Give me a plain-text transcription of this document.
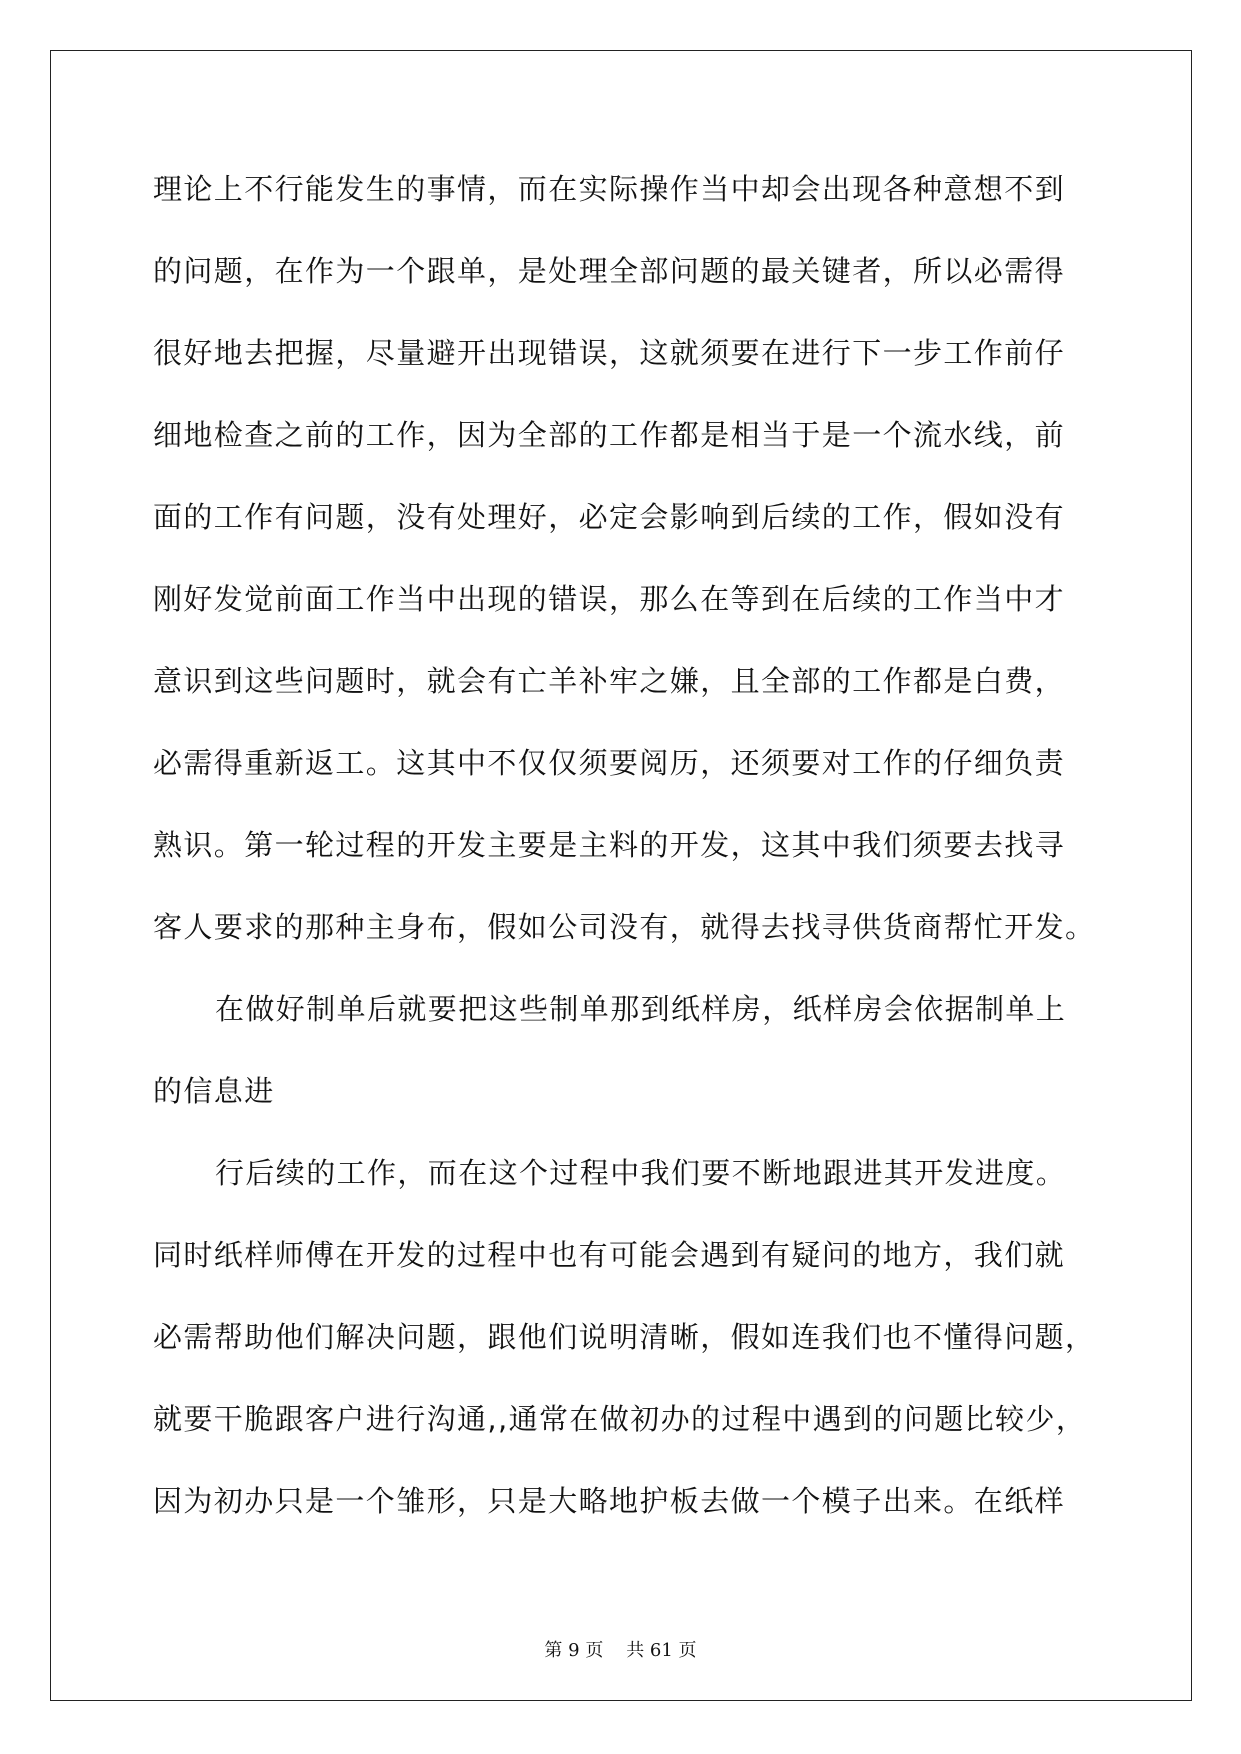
理论上不行能发生的事情，而在实际操作当中却会出现各种意想不到
的问题，在作为一个跟单，是处理全部问题的最关键者，所以必需得
很好地去把握，尽量避开出现错误，这就须要在进行下一步工作前仔
细地检查之前的工作，因为全部的工作都是相当于是一个流水线，前
面的工作有问题，没有处理好，必定会影响到后续的工作，假如没有
刚好发觉前面工作当中出现的错误，那么在等到在后续的工作当中才
意识到这些问题时，就会有亡羊补牢之嫌，且全部的工作都是白费，
必需得重新返工。这其中不仅仅须要阅历，还须要对工作的仔细负责
熟识。第一轮过程的开发主要是主料的开发，这其中我们须要去找寻
客人要求的那种主身布，假如公司没有，就得去找寻供货商帮忙开发。
在做好制单后就要把这些制单那到纸样房，纸样房会依据制单上
的信息进
行后续的工作，而在这个过程中我们要不断地跟进其开发进度。
同时纸样师傅在开发的过程中也有可能会遇到有疑问的地方，我们就
必需帮助他们解决问题，跟他们说明清晰，假如连我们也不懂得问题，
就要干脆跟客户进行沟通,,通常在做初办的过程中遇到的问题比较少，
因为初办只是一个雏形，只是大略地护板去做一个模子出来。在纸样
第 9 页    共 61 页
